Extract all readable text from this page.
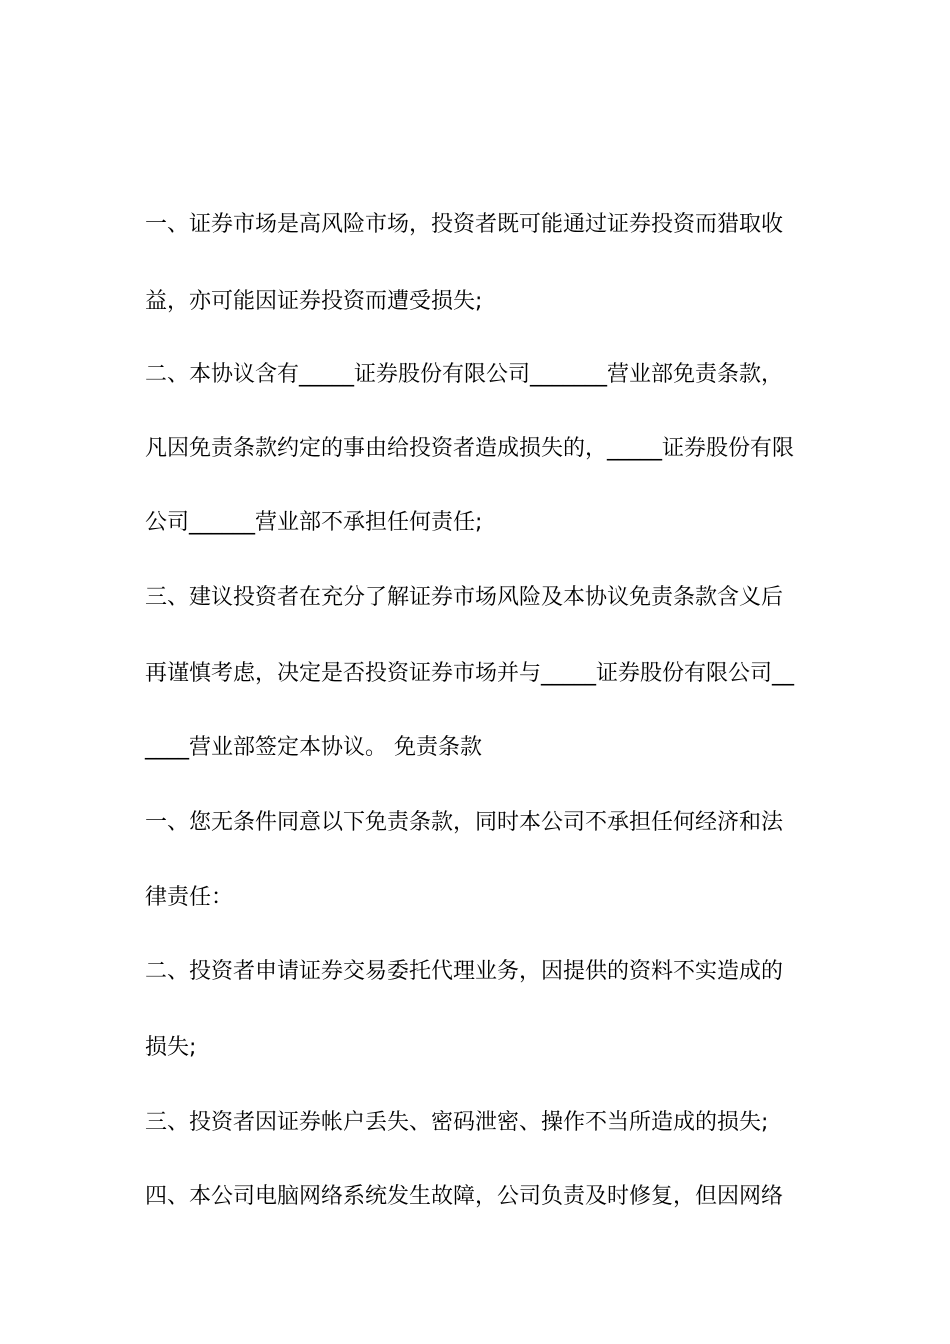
一、证券市场是高风险市场，投资者既可能通过证券投资而猎取收
益，亦可能因证券投资而遭受损失;
二、本协议含有_____证券股份有限公司_______营业部免责条款，
凡因免责条款约定的事由给投资者造成损失的，_____证券股份有限
公司______营业部不承担任何责任;
三、建议投资者在充分了解证券市场风险及本协议免责条款含义后
再谨慎考虑，决定是否投资证券市场并与_____证券股份有限公司__
____营业部签定本协议。 免责条款
一、您无条件同意以下免责条款，同时本公司不承担任何经济和法
律责任：
二、投资者申请证券交易委托代理业务，因提供的资料不实造成的
损失;
三、投资者因证券帐户丢失、密码泄密、操作不当所造成的损失;
四、本公司电脑网络系统发生故障，公司负责及时修复，但因网络
